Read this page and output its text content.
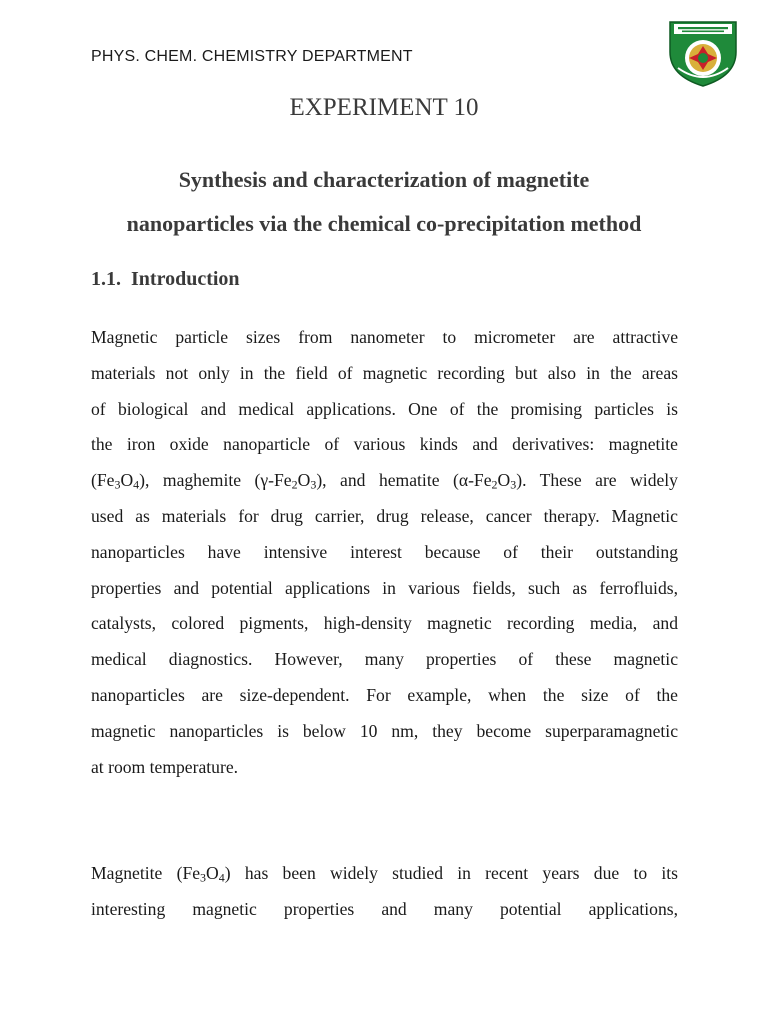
PHYS. CHEM. CHEMISTRY DEPARTMENT
EXPERIMENT 10
Synthesis and characterization of magnetite
nanoparticles via the chemical co-precipitation method
1.1. Introduction
Magnetic particle sizes from nanometer to micrometer are attractive
materials not only in the field of magnetic recording but also in the areas
of biological and medical applications. One of the promising particles is
the iron oxide nanoparticle of various kinds and derivatives: magnetite
$(Fe_3O_4)$, maghemite $(\gamma-Fe_2O_3)$, and hematite $(\alpha-Fe_2O_3)$. These are widely
used as materials for drug carrier, drug release, cancer therapy. Magnetic
nanoparticles have intensive interest because of their outstanding
properties and potential applications in various fields, such as ferrofluids,
catalysts, colored pigments, high-density magnetic recording media, and
medical diagnostics. However, many properties of these magnetic
nanoparticles are size-dependent. For example, when the size of the
magnetic nanoparticles is below 10 nm, they become superparamagnetic
at room temperature.
Magnetite $(Fe_3O_4)$ has been widely studied in recent years due to its
interesting magnetic properties and many potential applications,
